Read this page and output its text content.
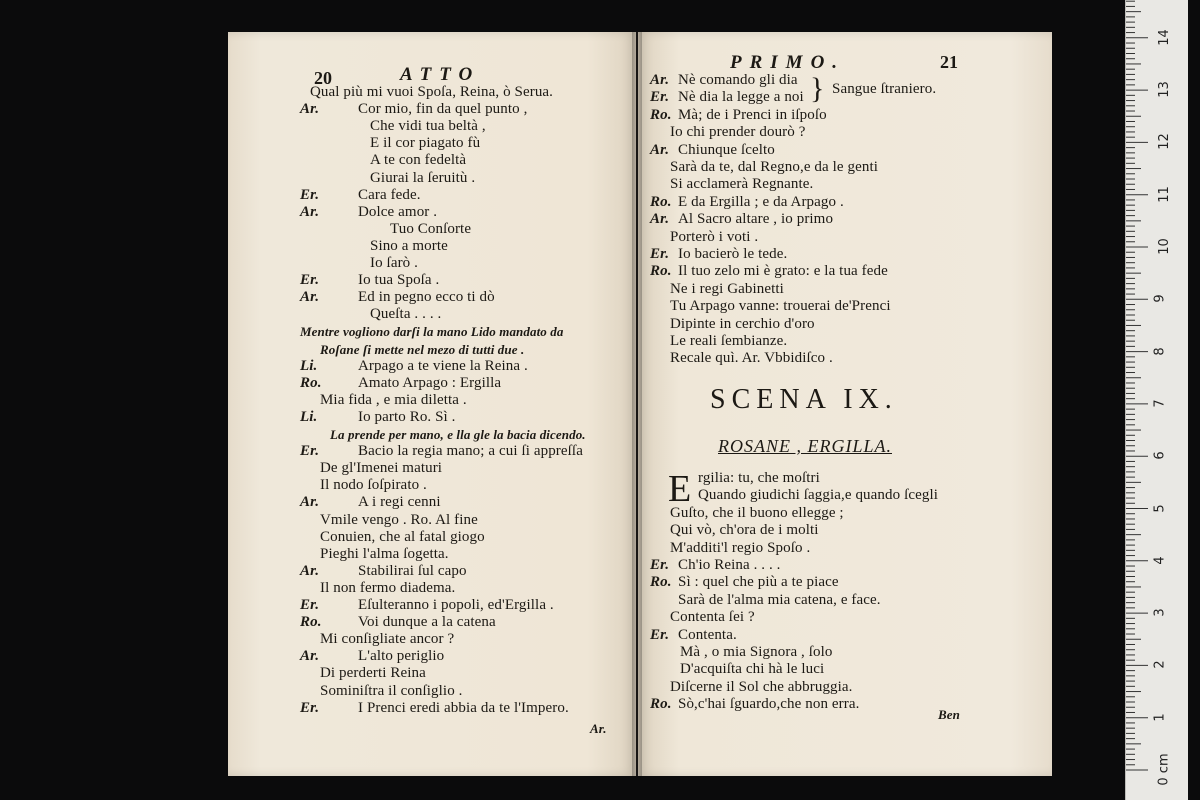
20	ATTO
Qual più mi vuoi Spoſa, Reina, ò Serua.
Ar.	Cor mio, fin da quel punto ,
Che vidi tua beltà ,
E il cor piagato fù
A te con fedeltà
Giurai la ſeruitù .
Er.	Cara fede.
Ar.	Dolce amor .
Tuo Conſorte
Sino a morte
Io ſarò .
Er.	Io tua Spoſa .
Ar.	Ed in pegno ecco ti dò
Queſta . . . .
Mentre vogliono darſi la mano Lido mandato da
Roſane ſi mette nel mezo di tutti due .
Li.	Arpago a te viene la Reina .
Ro. Amato Arpago : Ergilla
Mia fida , e mia diletta .
Li.	Io parto Ro. Sì .
La prende per mano, e lla gle la bacia dicendo.
Er.	Bacio la regia mano; a cui ſi appreſſa
De gl'Imenei maturi
Il nodo ſoſpirato .
Ar.	A i regi cenni
Vmile vengo . Ro. Al fine
Conuien, che al fatal giogo
Pieghi l'alma ſogetta.
Ar.	Stabilirai ſul capo
Il non fermo diadema.
Er.	Eſulteranno i popoli, ed'Ergilla .
Ro. Voi dunque a la catena
Mi conſigliate ancor ?
Ar.	L'alto periglio
Di perderti Reina
Sominiſtra il conſiglio .
Er.	I Prenci eredi abbia da te l'Impero.
Ar.
PRIMO.	21
Ar. Nè comando gli dia
Er. Nè dia la legge a noi
Ro. Mà; de i Prenci in iſpoſo
Io chi prender dourò ?
Ar. Chiunque ſcelto
Sarà da te, dal Regno,e da le genti
Si acclamerà Regnante.
Ro. E da Ergilla ; e da Arpago .
Ar. Al Sacro altare , io primo
Porterò i voti .
Er. Io bacierò le tede.
Ro. Il tuo zelo mi è grato: e la tua fede
Ne i regi Gabinetti
Tu Arpago vanne: trouerai de'Prenci
Dipinte in cerchio d'oro
Le reali ſembianze.
Recale quì. Ar. Vbbidiſco .
} Sangue ſtraniero.
SCENA IX.
ROSANE , ERGILLA.
E rgilia: tu, che moſtri
Quando giudichi ſaggia,e quando ſcegli
Guſto, che il buono ellegge ;
Qui vò, ch'ora de i molti
M'additi'l regio Spoſo .
Er. Ch'io Reina . . . .
Ro. Sì : quel che più a te piace
Sarà de l'alma mia catena, e face.
Contenta ſei ?
Er. Contenta.
Mà , o mia Signora , ſolo
D'acquiſta chi hà le luci
Diſcerne il Sol che abbruggia.
Ro. Sò,c'hai ſguardo,che non erra.
Ben
14
13
12
11
10
9
8
7
6
5
4
3
2
1
0 cm
